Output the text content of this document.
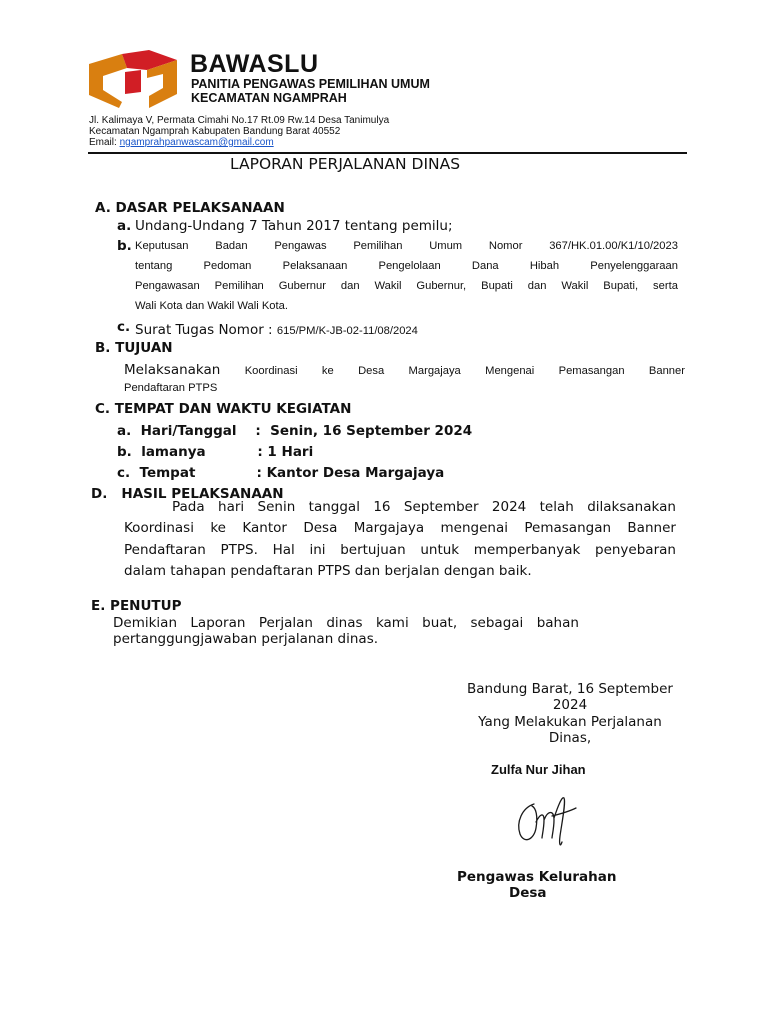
BAWASLU
PANITIA PENGAWAS PEMILIHAN UMUM
KECAMATAN NGAMPRAH
Jl. Kalimaya V, Permata Cimahi No.17 Rt.09 Rw.14 Desa Tanimulya
Kecamatan Ngamprah Kabupaten Bandung Barat 40552
Email: ngamprahpanwascam@gmail.com
LAPORAN PERJALANAN DINAS
A. DASAR PELAKSANAAN
a. Undang-Undang 7 Tahun 2017 tentang pemilu;
b. Keputusan Badan Pengawas Pemilihan Umum Nomor 367/HK.01.00/K1/10/2023
tentang	Pedoman	Pelaksanaan	Pengelolaan	Dana	Hibah	Penyelenggaraan
Pengawasan Pemilihan Gubernur dan Wakil Gubernur, Bupati dan Wakil Bupati, serta
Wali Kota dan Wakil Wali Kota.
c. Surat Tugas Nomor : 615/PM/K-JB-02-11/08/2024
B. TUJUAN
Melaksanakan Koordinasi ke Desa Margajaya Mengenai Pemasangan Banner
Pendaftaran PTPS
C. TEMPAT DAN WAKTU KEGIATAN
a.  Hari/Tanggal    :  Senin, 16 September 2024
b.  lamanya           : 1 Hari
c.  Tempat             : Kantor Desa Margajaya
D.   HASIL PELAKSANAAN
Pada hari Senin tanggal 16 September 2024 telah dilaksanakan
Koordinasi ke Kantor Desa Margajaya mengenai Pemasangan Banner
Pendaftaran PTPS. Hal ini bertujuan untuk memperbanyak penyebaran
dalam tahapan pendaftaran PTPS dan berjalan dengan baik.
E. PENUTUP
Demikian Laporan Perjalan dinas kami buat, sebagai bahan
pertanggungjawaban perjalanan dinas.
Bandung Barat, 16 September
2024
Yang Melakukan Perjalanan
Dinas,
Zulfa Nur Jihan
Pengawas Kelurahan
Desa
